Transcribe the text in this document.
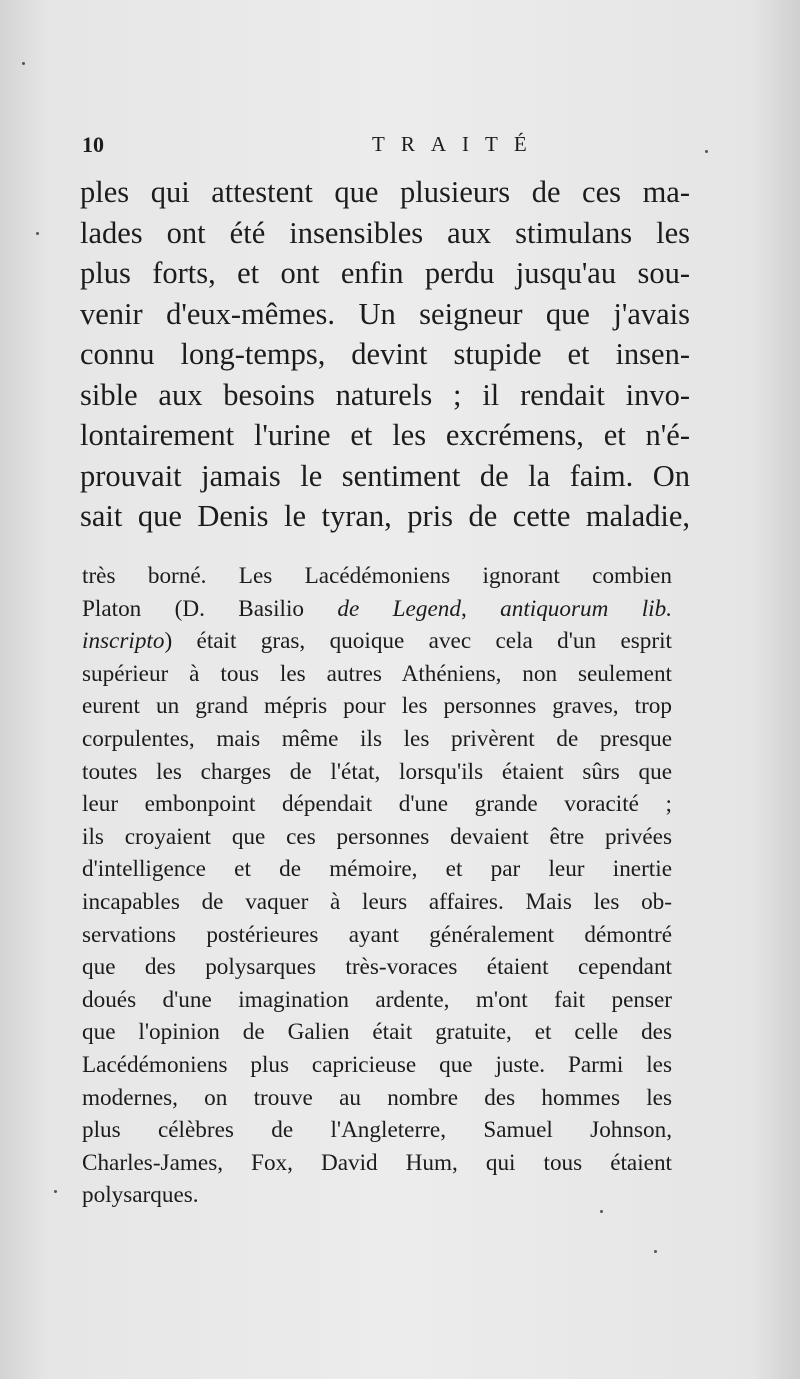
10	TRAITÉ
ples qui attestent que plusieurs de ces ma-
lades ont été insensibles aux stimulans les
plus forts, et ont enfin perdu jusqu'au sou-
venir d'eux-mêmes. Un seigneur que j'avais
connu long-temps, devint stupide et insen-
sible aux besoins naturels ; il rendait invo-
lontairement l'urine et les excrémens, et n'é-
prouvait jamais le sentiment de la faim. On
sait que Denis le tyran, pris de cette maladie,
très borné. Les Lacédémoniens ignorant combien
Platon (D. Basilio de Legend, antiquorum lib.
inscripto) était gras, quoique avec cela d'un esprit
supérieur à tous les autres Athéniens, non seulement
eurent un grand mépris pour les personnes graves, trop
corpulentes, mais même ils les privèrent de presque
toutes les charges de l'état, lorsqu'ils étaient sûrs que
leur embonpoint dépendait d'une grande voracité ;
ils croyaient que ces personnes devaient être privées
d'intelligence et de mémoire, et par leur inertie
incapables de vaquer à leurs affaires. Mais les ob-
servations postérieures ayant généralement démontré
que des polysarques très-voraces étaient cependant
doués d'une imagination ardente, m'ont fait penser
que l'opinion de Galien était gratuite, et celle des
Lacédémoniens plus capricieuse que juste. Parmi les
modernes, on trouve au nombre des hommes les
plus célèbres de l'Angleterre, Samuel Johnson,
Charles-James, Fox, David Hum, qui tous étaient
polysarques.
